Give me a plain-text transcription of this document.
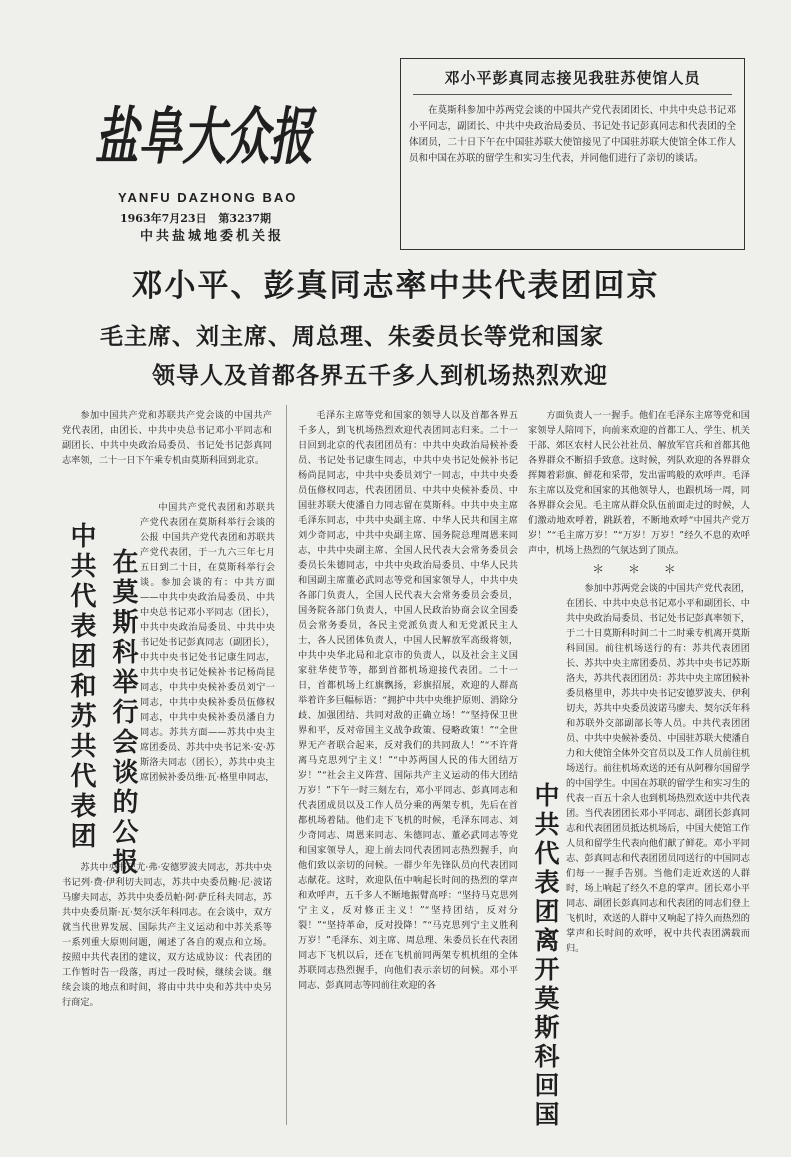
盐阜大众报
YANFU DAZHONG BAO
1963年7月23日 第3237期
中共盐城地委机关报
邓小平彭真同志接见我驻苏使馆人员
在莫斯科参加中苏两党会谈的中国共产党代表团团长、中共中央总书记邓小平同志，副团长、中共中央政治局委员、书记处书记彭真同志和代表团的全体团员，二十日下午在中国驻苏联大使馆接见了中国驻苏联大使馆全体工作人员和中国在苏联的留学生和实习生代表，并同他们进行了亲切的谈话。
邓小平、彭真同志率中共代表团回京
毛主席、刘主席、周总理、朱委员长等党和国家
领导人及首都各界五千多人到机场热烈欢迎

参加中国共产党和苏联共产党会谈的中国共产党代表团，由团长、中共中央总书记邓小平同志和副团长、中共中央政治局委员、书记处书记彭真同志率领，二十一日下午乘专机由莫斯科回到北京。

中共代表团和苏共代表团 在莫斯科举行会谈的公报

中国共产党代表团和苏联共产党代表团在莫斯科举行会谈的公报 中国共产党代表团和苏联共产党代表团，于一九六三年七月五日到二十日，在莫斯科举行会谈。参加会谈的有：中共方面——中共中央政治局委员、中共中央总书记邓小平同志（团长），中共中央政治局委员、中共中央书记处书记彭真同志（副团长），中共中央书记处书记康生同志，中共中央书记处候补书记杨尚昆同志，中共中央候补委员刘宁一同志，中共中央候补委员伍修权同志，中共中央候补委员潘自力同志。苏共方面——苏共中央主席团委员、苏共中央书记米·安·苏斯洛夫同志（团长），苏共中央主席团候补委员维·瓦·格里申同志，

苏共中央书记尤·弗·安德罗波夫同志，苏共中央书记列·费·伊利切夫同志，苏共中央委员鲍·尼·波诺马廖夫同志，苏共中央委员帕·阿·萨丘科夫同志，苏共中央委员斯·瓦·契尔沃年科同志。在会谈中，双方就当代世界发展、国际共产主义运动和中苏关系等一系列重大原则问题，阐述了各自的观点和立场。按照中共代表团的建议，双方达成协议：代表团的工作暂时告一段落，再过一段时候，继续会谈。继续会谈的地点和时间，将由中共中央和苏共中央另行商定。

毛泽东主席等党和国家的领导人以及首都各界五千多人，到飞机场热烈欢迎代表团同志归来。二十一日回到北京的代表团团员有：中共中央政治局候补委员、书记处书记康生同志，中共中央书记处候补书记杨尚昆同志，中共中央委员刘宁一同志，中共中央委员伍修权同志，代表团团员、中共中央候补委员、中国驻苏联大使潘自力同志留在莫斯科。中共中央主席毛泽东同志，中共中央副主席、中华人民共和国主席刘少奇同志，中共中央副主席、国务院总理周恩来同志，中共中央副主席、全国人民代表大会常务委员会委员长朱德同志，中共中央政治局委员、中华人民共和国副主席董必武同志等党和国家领导人，中共中央各部门负责人，全国人民代表大会常务委员会委员，国务院各部门负责人，中国人民政治协商会议全国委员会常务委员，各民主党派负责人和无党派民主人士，各人民团体负责人，中国人民解放军高级将领，中共中央华北局和北京市的负责人，以及社会主义国家驻华使节等，都到首都机场迎接代表团。二十一日，首都机场上红旗飘扬，彩旗招展，欢迎的人群高举着许多巨幅标语：“拥护中共中央维护原则、消除分歧、加强团结、共同对敌的正确立场！”“坚持保卫世界和平，反对帝国主义战争政策、侵略政策！”“全世界无产者联合起来，反对我们的共同敌人！”“不许背离马克思列宁主义！”“中苏两国人民的伟大团结万岁！”“社会主义阵营、国际共产主义运动的伟大团结万岁！”下午一时三刻左右，邓小平同志、彭真同志和代表团成员以及工作人员分乘的两架专机，先后在首都机场着陆。他们走下飞机的时候，毛泽东同志、刘少奇同志、周恩来同志、朱德同志、董必武同志等党和国家领导人，迎上前去同代表团同志热烈握手，向他们致以亲切的问候。一群少年先锋队员向代表团同志献花。这时，欢迎队伍中响起长时间的热烈的掌声和欢呼声，五千多人不断地振臂高呼：“坚持马克思列宁主义，反对修正主义！”“坚持团结，反对分裂！”“坚持革命，反对投降！”“马克思列宁主义胜利万岁！”毛泽东、刘主席、周总理、朱委员长在代表团同志下飞机以后，还在飞机前同两架专机机组的全体苏联同志热烈握手，向他们表示亲切的问候。邓小平同志、彭真同志等同前往欢迎的各

方面负责人一一握手。他们在毛泽东主席等党和国家领导人陪同下，向前来欢迎的首都工人、学生、机关干部、郊区农村人民公社社员、解放军官兵和首都其他各界群众不断招手致意。这时候，列队欢迎的各界群众挥舞着彩旗、鲜花和采带，发出雷鸣般的欢呼声。毛泽东主席以及党和国家的其他领导人，也跟机场一周，同各界群众会见。毛主席从群众队伍前面走过的时候，人们激动地欢呼着，跳跃着，不断地欢呼“中国共产党万岁！”“毛主席万岁！”“万岁！万岁！”经久不息的欢呼声中，机场上热烈的气氛达到了顶点。

＊ ＊ ＊

参加中苏两党会谈的中国共产党代表团，在团长、中共中央总书记邓小平和副团长、中共中央政治局委员、书记处书记彭真率领下，于二十日莫斯科时间二十二时乘专机离开莫斯科回国。前往机场送行的有：苏共代表团团长、苏共中央主席团委员、苏共中央书记苏斯洛夫，苏共代表团团员：苏共中央主席团候补委员格里申，苏共中央书记安德罗波夫、伊利切夫，苏共中央委员波诺马廖夫、契尔沃年科和苏联外交部副部长等人员。中共代表团团员、中共中央候补委员、中国驻苏联大使潘自力和大使馆全体外交官员以及工作人员前往机场送行。前往机场欢送的还有从阿穆尔国留学的中国学生。中国在苏联的留学生和实习生的代表一百五十余人也到机场热烈欢送中共代表团。当代表团团长邓小平同志、副团长彭真同志和代表团团员抵达机场后，中国大使馆工作人员和留学生代表向他们献了鲜花。邓小平同志、彭真同志和代表团团员同送行的中国同志们每一一握手告别。当他们走近欢送的人群时，场上响起了经久不息的掌声。团长邓小平同志、副团长彭真同志和代表团的同志们登上飞机时，欢送的人群中又响起了持久而热烈的掌声和长时间的欢呼，祝中共代表团满载而归。

中共代表团离开莫斯科回国
